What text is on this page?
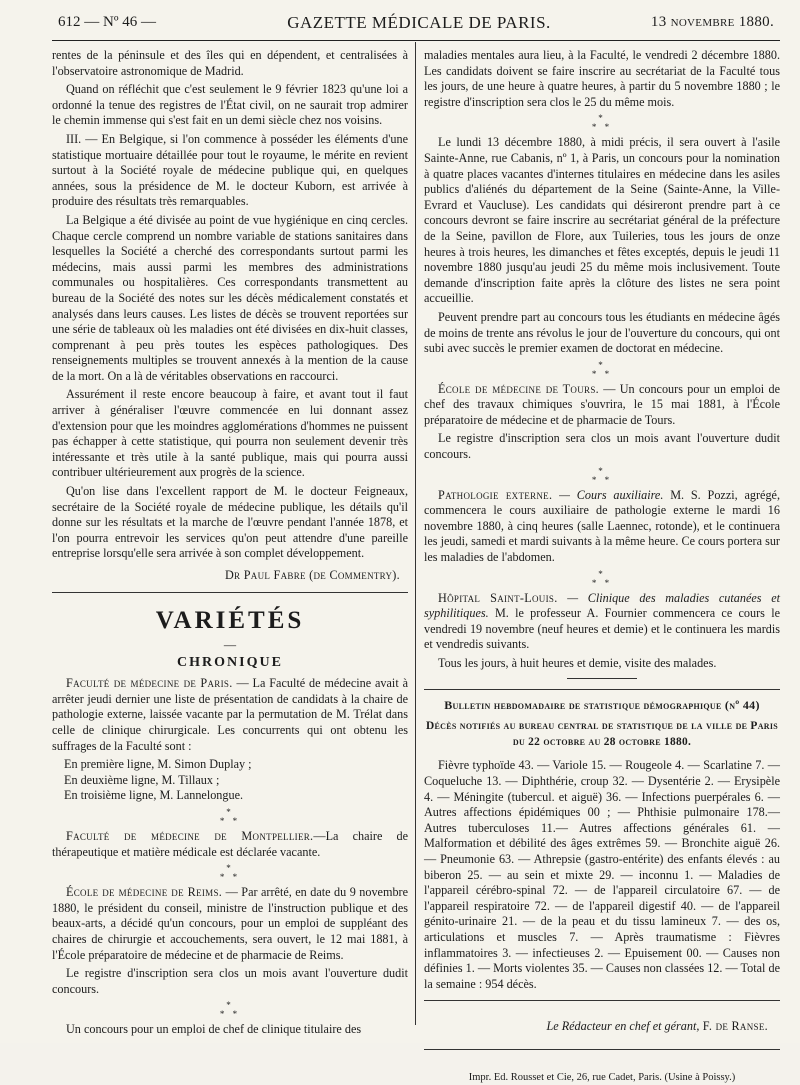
612 — Nº 46 —	GAZETTE MÉDICALE DE PARIS.	13 novembre 1880.

rentes de la péninsule et des îles qui en dépendent, et centralisées à l'observatoire astronomique de Madrid.

Quand on réfléchit que c'est seulement le 9 février 1823 qu'une loi a ordonné la tenue des registres de l'État civil, on ne saurait trop admirer le chemin immense qui s'est fait en un demi siècle chez nos voisins.

III. — En Belgique, si l'on commence à posséder les éléments d'une statistique mortuaire détaillée pour tout le royaume, le mérite en revient surtout à la Société royale de médecine publique qui, en quelques années, sous la présidence de M. le docteur Kuborn, est arrivée à produire des résultats très remarquables.

La Belgique a été divisée au point de vue hygiénique en cinq cercles. Chaque cercle comprend un nombre variable de stations sanitaires dans lesquelles la Société a cherché des correspondants surtout parmi les médecins, mais aussi parmi les membres des administrations communales ou hospitalières. Ces correspondants transmettent au bureau de la Société des notes sur les décès médicalement constatés et analysés dans leurs causes. Les listes de décès se trouvent reportées sur une série de tableaux où les maladies ont été divisées en dix-huit classes, comprenant à peu près toutes les espèces pathologiques. Des renseignements multiples se trouvent annexés à la mention de la cause de la mort. On a là de véritables observations en raccourci.

Assurément il reste encore beaucoup à faire, et avant tout il faut arriver à généraliser l'œuvre commencée en lui donnant assez d'extension pour que les moindres agglomérations d'hommes ne puissent pas échapper à cette statistique, qui pourra non seulement devenir très intéressante et très utile à la santé publique, mais qui pourra aussi contribuer ultérieurement aux progrès de la science.

Qu'on lise dans l'excellent rapport de M. le docteur Feigneaux, secrétaire de la Société royale de médecine publique, les détails qu'il donne sur les résultats et la marche de l'œuvre pendant l'année 1878, et l'on pourra entrevoir les services qu'on peut attendre d'une pareille entreprise lorsqu'elle sera arrivée à son complet développement.

Dr Paul Fabre (de Commentry).
VARIÉTÉS
—
CHRONIQUE

Faculté de médecine de Paris. — La Faculté de médecine avait à arrêter jeudi dernier une liste de présentation de candidats à la chaire de pathologie externe, laissée vacante par la permutation de M. Trélat dans celle de clinique chirurgicale. Les concurrents qui ont obtenu les suffrages de la Faculté sont :

En première ligne, M. Simon Duplay ;

En deuxième ligne, M. Tillaux ;

En troisième ligne, M. Lannelongue.

*
* *

Faculté de médecine de Montpellier.—La chaire de thérapeutique et matière médicale est déclarée vacante.

*
* *

École de médecine de Reims. — Par arrêté, en date du 9 novembre 1880, le président du conseil, ministre de l'instruction publique et des beaux-arts, a décidé qu'un concours, pour un emploi de suppléant des chaires de chirurgie et accouchements, sera ouvert, le 12 mai 1881, à l'École préparatoire de médecine et de pharmacie de Reims.

Le registre d'inscription sera clos un mois avant l'ouverture dudit concours.

*
* *

Un concours pour un emploi de chef de clinique titulaire des

maladies mentales aura lieu, à la Faculté, le vendredi 2 décembre 1880. Les candidats doivent se faire inscrire au secrétariat de la Faculté tous les jours, de une heure à quatre heures, à partir du 5 novembre 1880 ; le registre d'inscription sera clos le 25 du même mois.

*
* *

Le lundi 13 décembre 1880, à midi précis, il sera ouvert à l'asile Sainte-Anne, rue Cabanis, nº 1, à Paris, un concours pour la nomination à quatre places vacantes d'internes titulaires en médecine dans les asiles publics d'aliénés du département de la Seine (Sainte-Anne, la Ville-Evrard et Vaucluse). Les candidats qui désireront prendre part à ce concours devront se faire inscrire au secrétariat général de la préfecture de la Seine, pavillon de Flore, aux Tuileries, tous les jours de onze heures à trois heures, les dimanches et fêtes exceptés, depuis le jeudi 11 novembre 1880 jusqu'au jeudi 25 du même mois inclusivement. Toute demande d'inscription faite après la clôture des listes ne sera point accueillie.

Peuvent prendre part au concours tous les étudiants en médecine âgés de moins de trente ans révolus le jour de l'ouverture du concours, qui ont subi avec succès le premier examen de doctorat en médecine.

*
* *

École de médecine de Tours. — Un concours pour un emploi de chef des travaux chimiques s'ouvrira, le 15 mai 1881, à l'École préparatoire de médecine et de pharmacie de Tours.

Le registre d'inscription sera clos un mois avant l'ouverture dudit concours.

*
* *

Pathologie externe. — Cours auxiliaire. M. S. Pozzi, agrégé, commencera le cours auxiliaire de pathologie externe le mardi 16 novembre 1880, à cinq heures (salle Laennec, rotonde), et le continuera les jeudi, samedi et mardi suivants à la même heure. Ce cours portera sur les maladies de l'abdomen.

*
* *

Hôpital Saint-Louis. — Clinique des maladies cutanées et syphilitiques. M. le professeur A. Fournier commencera ce cours le vendredi 19 novembre (neuf heures et demie) et le continuera les mardis et vendredis suivants.

Tous les jours, à huit heures et demie, visite des malades.

Bulletin hebdomadaire de statistique démographique (nº 44)
Décès notifiés au bureau central de statistique de la ville de Paris du 22 octobre au 28 octobre 1880.

Fièvre typhoïde 43. — Variole 15. — Rougeole 4. — Scarlatine 7. — Coqueluche 13. — Diphthérie, croup 32. — Dysentérie 2. — Erysipèle 4. — Méningite (tubercul. et aiguë) 36. — Infections puerpérales 6. — Autres affections épidémiques 00 ; — Phthisie pulmonaire 178.— Autres tuberculoses 11.— Autres affections générales 61. — Malformation et débilité des âges extrêmes 59. — Bronchite aiguë 26. — Pneumonie 63. — Athrepsie (gastro-entérite) des enfants élevés : au biberon 25. — au sein et mixte 29. — inconnu 1. — Maladies de l'appareil cérébro-spinal 72. — de l'appareil circulatoire 67. — de l'appareil respiratoire 72. — de l'appareil digestif 40. — de l'appareil génito-urinaire 21. — de la peau et du tissu lamineux 7. — des os, articulations et muscles 7. — Après traumatisme : Fièvres inflammatoires 3. — infectieuses 2. — Epuisement 00. — Causes non définies 1. — Morts violentes 35. — Causes non classées 12. — Total de la semaine : 954 décès.

Le Rédacteur en chef et gérant, F. de Ranse.
Impr. Ed. Rousset et Cie, 26, rue Cadet, Paris. (Usine à Poissy.)
